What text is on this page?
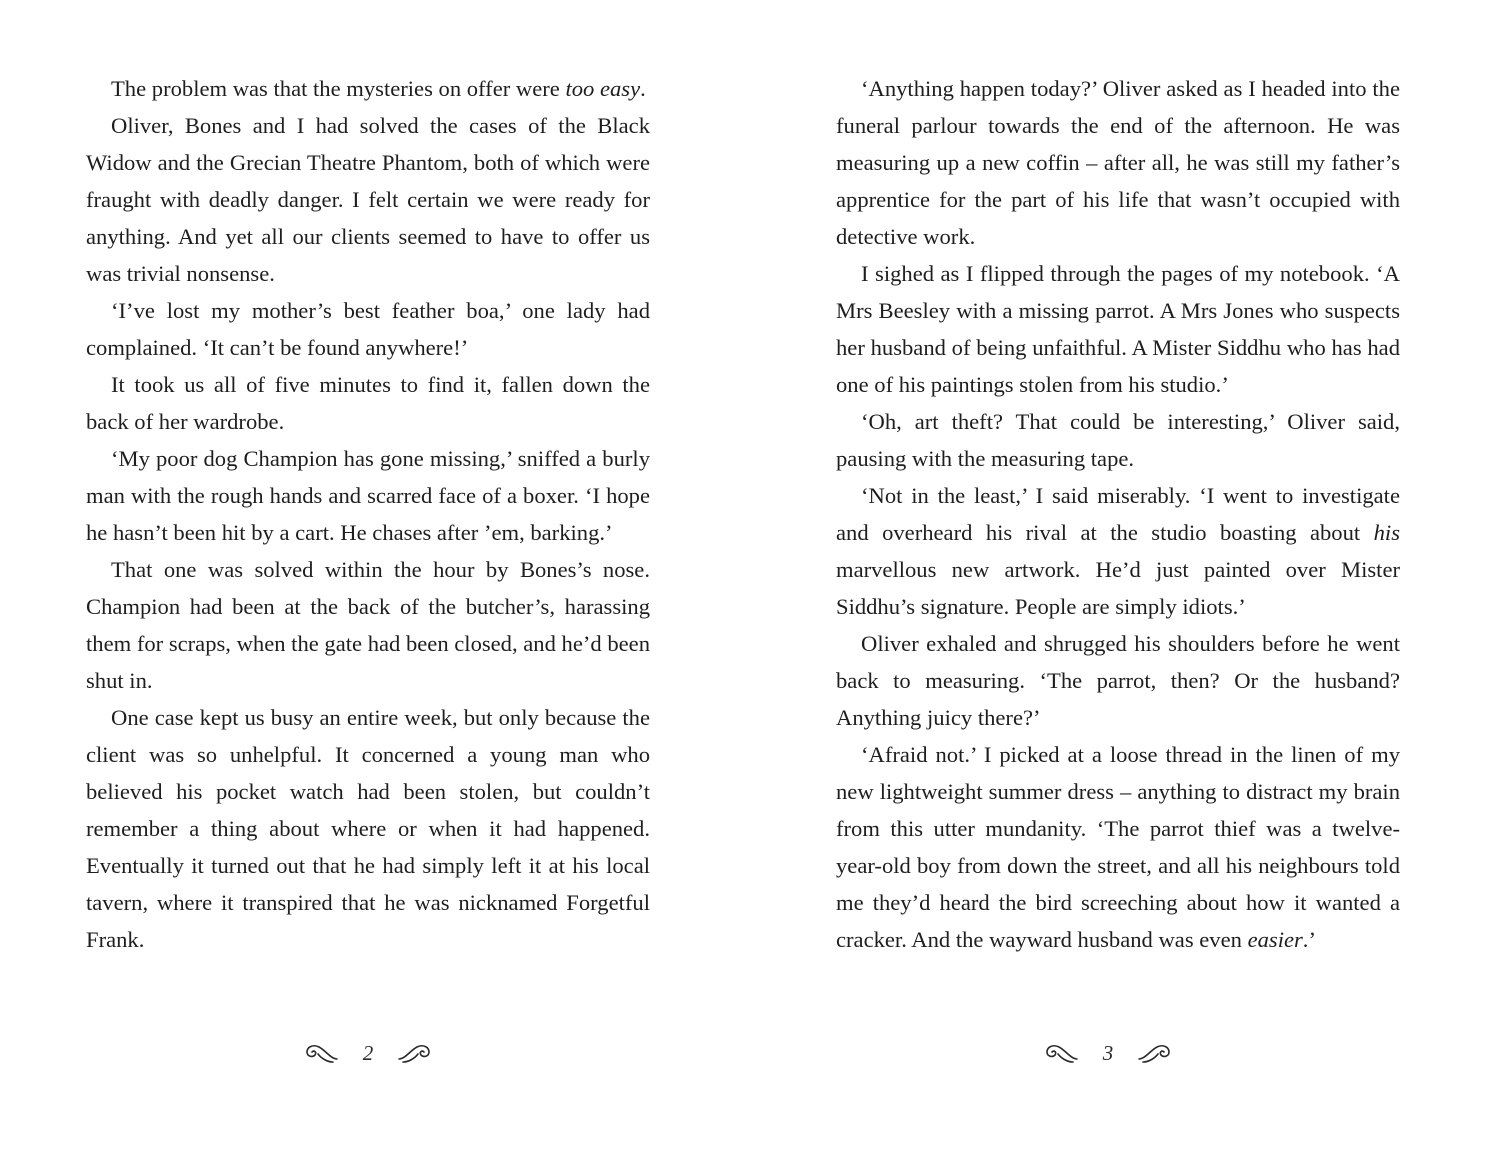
The problem was that the mysteries on offer were too easy.

Oliver, Bones and I had solved the cases of the Black Widow and the Grecian Theatre Phantom, both of which were fraught with deadly danger. I felt certain we were ready for anything. And yet all our clients seemed to have to offer us was trivial nonsense.

‘I’ve lost my mother’s best feather boa,’ one lady had complained. ‘It can’t be found anywhere!’

It took us all of five minutes to find it, fallen down the back of her wardrobe.

‘My poor dog Champion has gone missing,’ sniffed a burly man with the rough hands and scarred face of a boxer. ‘I hope he hasn’t been hit by a cart. He chases after ’em, barking.’

That one was solved within the hour by Bones’s nose. Champion had been at the back of the butcher’s, harassing them for scraps, when the gate had been closed, and he’d been shut in.

One case kept us busy an entire week, but only because the client was so unhelpful. It concerned a young man who believed his pocket watch had been stolen, but couldn’t remember a thing about where or when it had happened. Eventually it turned out that he had simply left it at his local tavern, where it transpired that he was nicknamed Forgetful Frank.

2

‘Anything happen today?’ Oliver asked as I headed into the funeral parlour towards the end of the afternoon. He was measuring up a new coffin – after all, he was still my father’s apprentice for the part of his life that wasn’t occupied with detective work.

I sighed as I flipped through the pages of my notebook. ‘A Mrs Beesley with a missing parrot. A Mrs Jones who suspects her husband of being unfaithful. A Mister Siddhu who has had one of his paintings stolen from his studio.’

‘Oh, art theft? That could be interesting,’ Oliver said, pausing with the measuring tape.

‘Not in the least,’ I said miserably. ‘I went to investigate and overheard his rival at the studio boasting about his marvellous new artwork. He’d just painted over Mister Siddhu’s signature. People are simply idiots.’

Oliver exhaled and shrugged his shoulders before he went back to measuring. ‘The parrot, then? Or the husband? Anything juicy there?’

‘Afraid not.’ I picked at a loose thread in the linen of my new lightweight summer dress – anything to distract my brain from this utter mundanity. ‘The parrot thief was a twelve-year-old boy from down the street, and all his neighbours told me they’d heard the bird screeching about how it wanted a cracker. And the wayward husband was even easier.’

3
